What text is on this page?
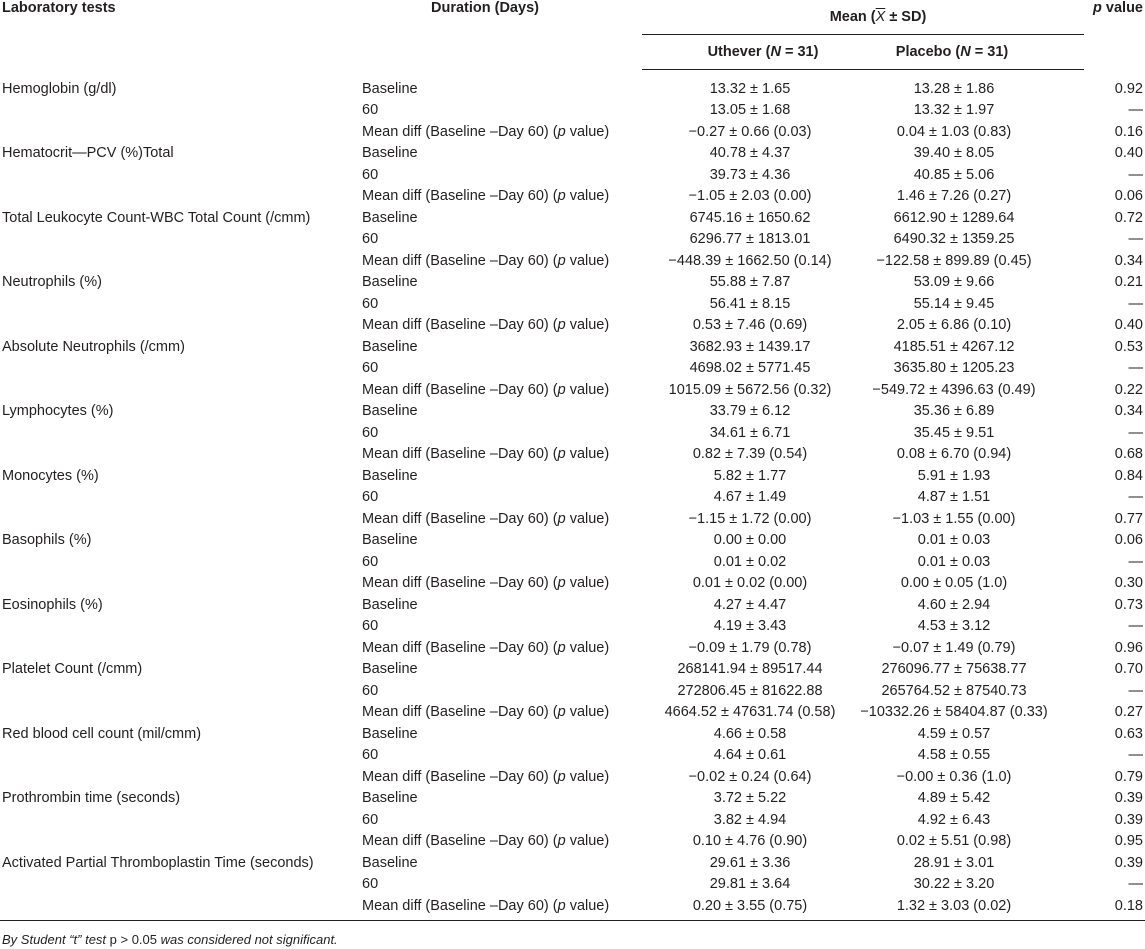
Laboratory tests	Duration (Days)	Mean $(\overline{X} \pm SD)$		p value
		Uthever (N = 31)	Placebo (N = 31)	
Hemoglobin (g/dl)	Baseline	13.32 ± 1.65	13.28 ± 1.86	0.92
	60	13.05 ± 1.68	13.32 ± 1.97	—
	Mean diff (Baseline –Day 60) (p value)	−0.27 ± 0.66 (0.03)	0.04 ± 1.03 (0.83)	0.16
Hematocrit—PCV (%)Total	Baseline	40.78 ± 4.37	39.40 ± 8.05	0.40
	60	39.73 ± 4.36	40.85 ± 5.06	—
	Mean diff (Baseline –Day 60) (p value)	−1.05 ± 2.03 (0.00)	1.46 ± 7.26 (0.27)	0.06
Total Leukocyte Count-WBC Total Count (/cmm)	Baseline	6745.16 ± 1650.62	6612.90 ± 1289.64	0.72
	60	6296.77 ± 1813.01	6490.32 ± 1359.25	—
	Mean diff (Baseline –Day 60) (p value)	−448.39 ± 1662.50 (0.14)	−122.58 ± 899.89 (0.45)	0.34
Neutrophils (%)	Baseline	55.88 ± 7.87	53.09 ± 9.66	0.21
	60	56.41 ± 8.15	55.14 ± 9.45	—
	Mean diff (Baseline –Day 60) (p value)	0.53 ± 7.46 (0.69)	2.05 ± 6.86 (0.10)	0.40
Absolute Neutrophils (/cmm)	Baseline	3682.93 ± 1439.17	4185.51 ± 4267.12	0.53
	60	4698.02 ± 5771.45	3635.80 ± 1205.23	—
	Mean diff (Baseline –Day 60) (p value)	1015.09 ± 5672.56 (0.32)	−549.72 ± 4396.63 (0.49)	0.22
Lymphocytes (%)	Baseline	33.79 ± 6.12	35.36 ± 6.89	0.34
	60	34.61 ± 6.71	35.45 ± 9.51	—
	Mean diff (Baseline –Day 60) (p value)	0.82 ± 7.39 (0.54)	0.08 ± 6.70 (0.94)	0.68
Monocytes (%)	Baseline	5.82 ± 1.77	5.91 ± 1.93	0.84
	60	4.67 ± 1.49	4.87 ± 1.51	—
	Mean diff (Baseline –Day 60) (p value)	−1.15 ± 1.72 (0.00)	−1.03 ± 1.55 (0.00)	0.77
Basophils (%)	Baseline	0.00 ± 0.00	0.01 ± 0.03	0.06
	60	0.01 ± 0.02	0.01 ± 0.03	—
	Mean diff (Baseline –Day 60) (p value)	0.01 ± 0.02 (0.00)	0.00 ± 0.05 (1.0)	0.30
Eosinophils (%)	Baseline	4.27 ± 4.47	4.60 ± 2.94	0.73
	60	4.19 ± 3.43	4.53 ± 3.12	—
	Mean diff (Baseline –Day 60) (p value)	−0.09 ± 1.79 (0.78)	−0.07 ± 1.49 (0.79)	0.96
Platelet Count (/cmm)	Baseline	268141.94 ± 89517.44	276096.77 ± 75638.77	0.70
	60	272806.45 ± 81622.88	265764.52 ± 87540.73	—
	Mean diff (Baseline –Day 60) (p value)	4664.52 ± 47631.74 (0.58)	−10332.26 ± 58404.87 (0.33)	0.27
Red blood cell count (mil/cmm)	Baseline	4.66 ± 0.58	4.59 ± 0.57	0.63
	60	4.64 ± 0.61	4.58 ± 0.55	—
	Mean diff (Baseline –Day 60) (p value)	−0.02 ± 0.24 (0.64)	−0.00 ± 0.36 (1.0)	0.79
Prothrombin time (seconds)	Baseline	3.72 ± 5.22	4.89 ± 5.42	0.39
	60	3.82 ± 4.94	4.92 ± 6.43	0.39
	Mean diff (Baseline –Day 60) (p value)	0.10 ± 4.76 (0.90)	0.02 ± 5.51 (0.98)	0.95
Activated Partial Thromboplastin Time (seconds)	Baseline	29.61 ± 3.36	28.91 ± 3.01	0.39
	60	29.81 ± 3.64	30.22 ± 3.20	—
	Mean diff (Baseline –Day 60) (p value)	0.20 ± 3.55 (0.75)	1.32 ± 3.03 (0.02)	0.18
By Student “t” test p > 0.05 was considered not significant.
